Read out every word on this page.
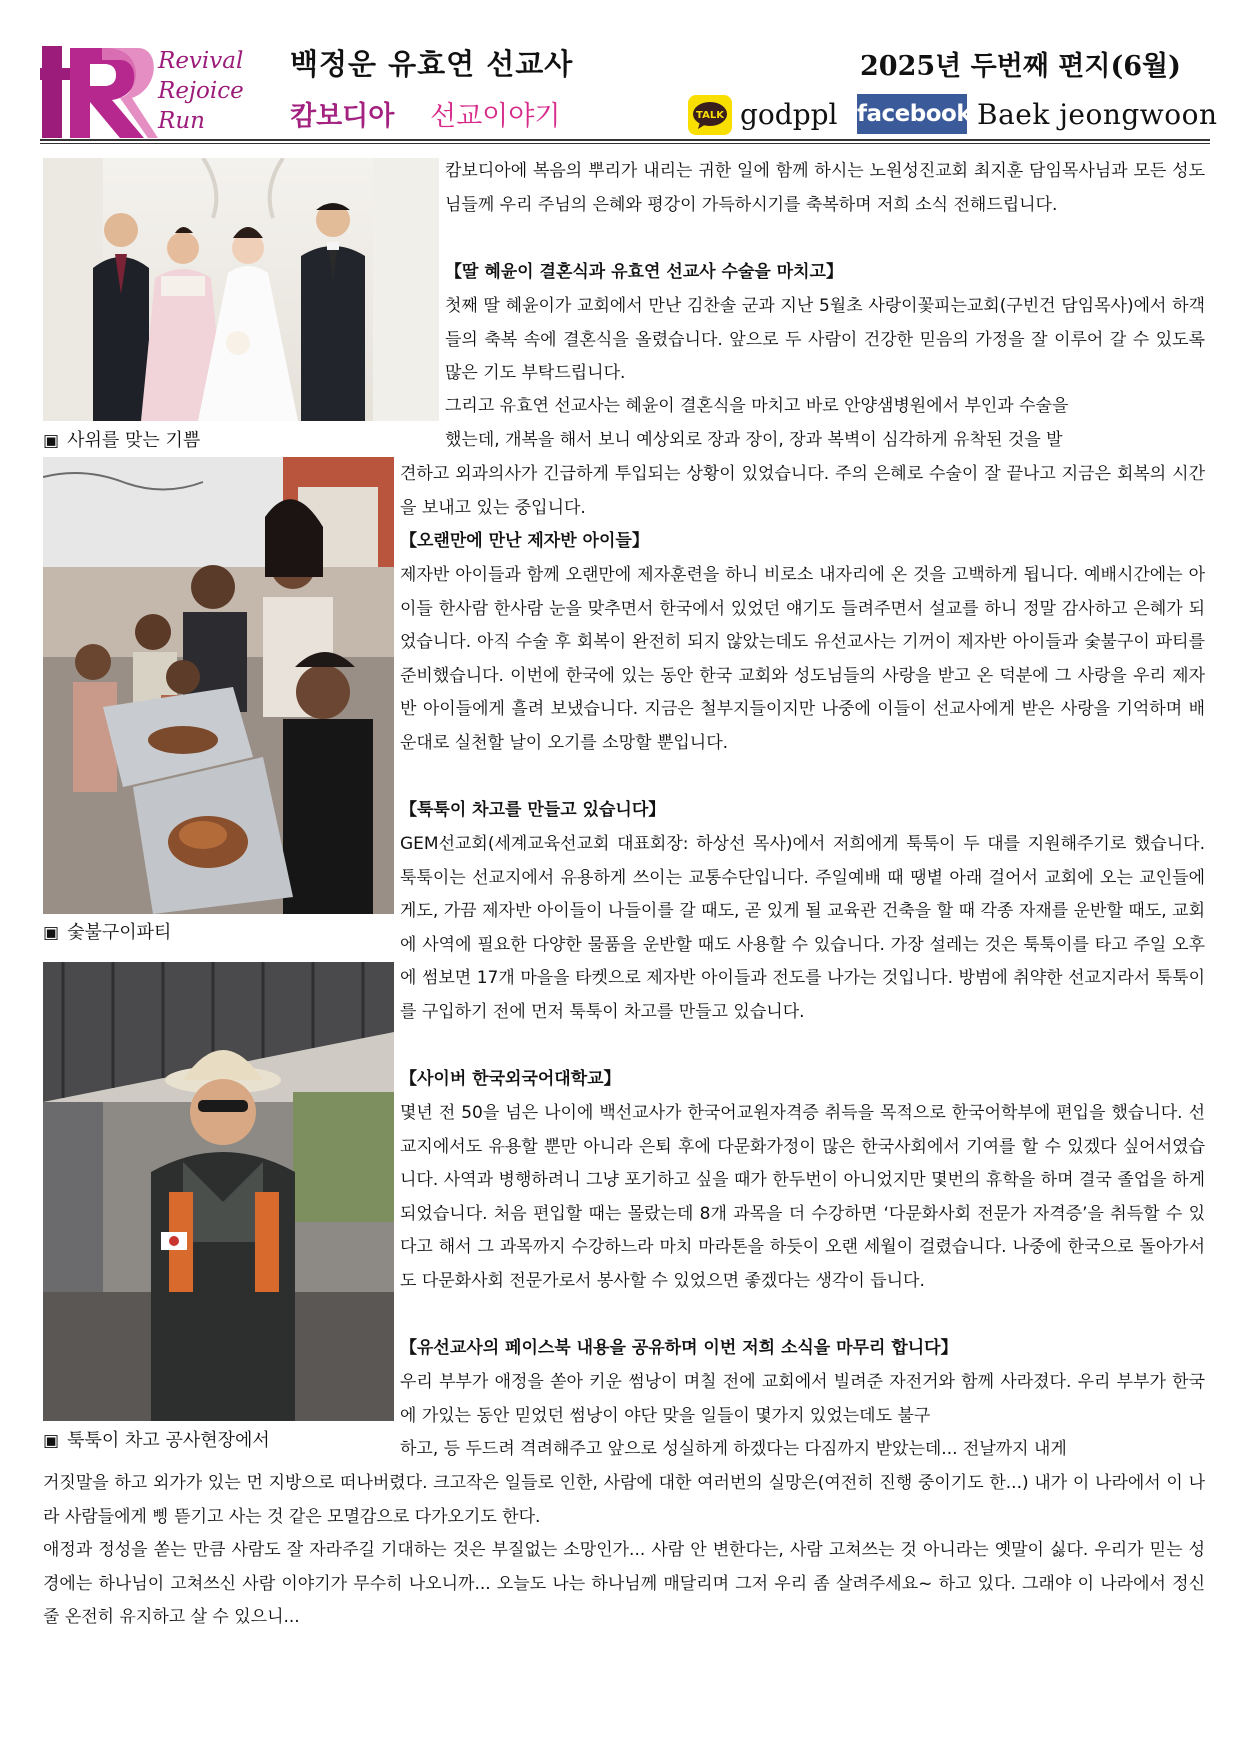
Revival
Rejoice
Run
백정운 유효연 선교사
캄보디아 선교이야기
2025년 두번째 편지(6월)
TALK godppl facebook Baek jeongwoon
▣ 사위를 맞는 기쁨
▣ 숯불구이파티
▣ 툭툭이 차고 공사현장에서

캄보디아에 복음의 뿌리가 내리는 귀한 일에 함께 하시는 노원성진교회 최지훈 담임목사님과 모든 성도님들께 우리 주님의 은혜와 평강이 가득하시기를 축복하며 저희 소식 전해드립니다.

【딸 혜윤이 결혼식과 유효연 선교사 수술을 마치고】

첫째 딸 혜윤이가 교회에서 만난 김찬솔 군과 지난 5월초 사랑이꽃피는교회(구빈건 담임목사)에서 하객들의 축복 속에 결혼식을 올렸습니다. 앞으로 두 사람이 건강한 믿음의 가정을 잘 이루어 갈 수 있도록 많은 기도 부탁드립니다.

그리고 유효연 선교사는 혜윤이 결혼식을 마치고 바로 안양샘병원에서 부인과 수술을

했는데, 개복을 해서 보니 예상외로 장과 장이, 장과 복벽이 심각하게 유착된 것을 발

견하고 외과의사가 긴급하게 투입되는 상황이 있었습니다. 주의 은혜로 수술이 잘 끝나고 지금은 회복의 시간을 보내고 있는 중입니다.

【오랜만에 만난 제자반 아이들】

제자반 아이들과 함께 오랜만에 제자훈련을 하니 비로소 내자리에 온 것을 고백하게 됩니다. 예배시간에는 아이들 한사람 한사람 눈을 맞추면서 한국에서 있었던 얘기도 들려주면서 설교를 하니 정말 감사하고 은혜가 되었습니다. 아직 수술 후 회복이 완전히 되지 않았는데도 유선교사는 기꺼이 제자반 아이들과 숯불구이 파티를 준비했습니다. 이번에 한국에 있는 동안 한국 교회와 성도님들의 사랑을 받고 온 덕분에 그 사랑을 우리 제자반 아이들에게 흘려 보냈습니다. 지금은 철부지들이지만 나중에 이들이 선교사에게 받은 사랑을 기억하며 배운대로 실천할 날이 오기를 소망할 뿐입니다.

【툭툭이 차고를 만들고 있습니다】

GEM선교회(세계교육선교회 대표회장: 하상선 목사)에서 저희에게 툭툭이 두 대를 지원해주기로 했습니다. 툭툭이는 선교지에서 유용하게 쓰이는 교통수단입니다. 주일예배 때 땡볕 아래 걸어서 교회에 오는 교인들에게도, 가끔 제자반 아이들이 나들이를 갈 때도, 곧 있게 될 교육관 건축을 할 때 각종 자재를 운반할 때도, 교회에 사역에 필요한 다양한 물품을 운반할 때도 사용할 수 있습니다. 가장 설레는 것은 툭툭이를 타고 주일 오후에 썸보면 17개 마을을 타켓으로 제자반 아이들과 전도를 나가는 것입니다. 방범에 취약한 선교지라서 툭툭이를 구입하기 전에 먼저 툭툭이 차고를 만들고 있습니다.

【사이버 한국외국어대학교】

몇년 전 50을 넘은 나이에 백선교사가 한국어교원자격증 취득을 목적으로 한국어학부에 편입을 했습니다. 선교지에서도 유용할 뿐만 아니라 은퇴 후에 다문화가정이 많은 한국사회에서 기여를 할 수 있겠다 싶어서였습니다. 사역과 병행하려니 그냥 포기하고 싶을 때가 한두번이 아니었지만 몇번의 휴학을 하며 결국 졸업을 하게 되었습니다. 처음 편입할 때는 몰랐는데 8개 과목을 더 수강하면 ‘다문화사회 전문가 자격증’을 취득할 수 있다고 해서 그 과목까지 수강하느라 마치 마라톤을 하듯이 오랜 세월이 걸렸습니다. 나중에 한국으로 돌아가서도 다문화사회 전문가로서 봉사할 수 있었으면 좋겠다는 생각이 듭니다.

【유선교사의 페이스북 내용을 공유하며 이번 저희 소식을 마무리 합니다】

우리 부부가 애정을 쏟아 키운 썸낭이 며칠 전에 교회에서 빌려준 자전거와 함께 사라졌다. 우리 부부가 한국에 가있는 동안 믿었던 썸낭이 야단 맞을 일들이 몇가지 있었는데도 불구

하고, 등 두드려 격려해주고 앞으로 성실하게 하겠다는 다짐까지 받았는데... 전날까지 내게

거짓말을 하고 외가가 있는 먼 지방으로 떠나버렸다. 크고작은 일들로 인한, 사람에 대한 여러번의 실망은(여전히 진행 중이기도 한...) 내가 이 나라에서 이 나라 사람들에게 삥 뜯기고 사는 것 같은 모멸감으로 다가오기도 한다.

애정과 정성을 쏟는 만큼 사람도 잘 자라주길 기대하는 것은 부질없는 소망인가... 사람 안 변한다는, 사람 고쳐쓰는 것 아니라는 옛말이 싫다. 우리가 믿는 성경에는 하나님이 고쳐쓰신 사람 이야기가 무수히 나오니까... 오늘도 나는 하나님께 매달리며 그저 우리 좀 살려주세요~ 하고 있다. 그래야 이 나라에서 정신줄 온전히 유지하고 살 수 있으니...
